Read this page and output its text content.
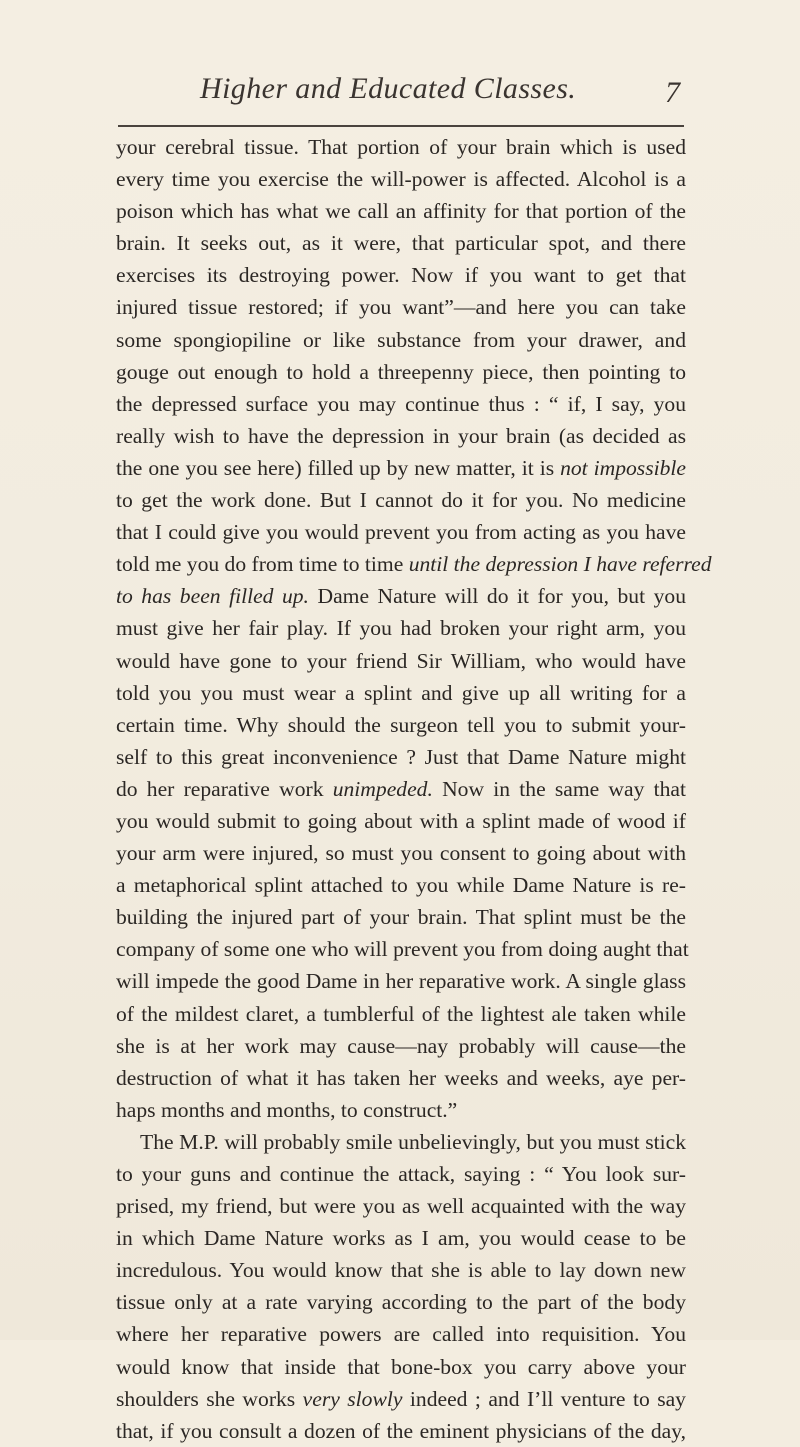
Higher and Educated Classes.	7
your cerebral tissue. That portion of your brain which is used
every time you exercise the will-power is affected. Alcohol is a
poison which has what we call an affinity for that portion of the
brain. It seeks out, as it were, that particular spot, and there
exercises its destroying power. Now if you want to get that
injured tissue restored; if you want”—and here you can take
some spongiopiline or like substance from your drawer, and
gouge out enough to hold a threepenny piece, then pointing to
the depressed surface you may continue thus : “ if, I say, you
really wish to have the depression in your brain (as decided as
the one you see here) filled up by new matter, it is not impossible
to get the work done. But I cannot do it for you. No medicine
that I could give you would prevent you from acting as you have
told me you do from time to time until the depression I have referred
to has been filled up. Dame Nature will do it for you, but you
must give her fair play. If you had broken your right arm, you
would have gone to your friend Sir William, who would have
told you you must wear a splint and give up all writing for a
certain time. Why should the surgeon tell you to submit your-
self to this great inconvenience ? Just that Dame Nature might
do her reparative work unimpeded. Now in the same way that
you would submit to going about with a splint made of wood if
your arm were injured, so must you consent to going about with
a metaphorical splint attached to you while Dame Nature is re-
building the injured part of your brain. That splint must be the
company of some one who will prevent you from doing aught that
will impede the good Dame in her reparative work. A single glass
of the mildest claret, a tumblerful of the lightest ale taken while
she is at her work may cause—nay probably will cause—the
destruction of what it has taken her weeks and weeks, aye per-
haps months and months, to construct.”
The M.P. will probably smile unbelievingly, but you must stick
to your guns and continue the attack, saying : “ You look sur-
prised, my friend, but were you as well acquainted with the way
in which Dame Nature works as I am, you would cease to be
incredulous. You would know that she is able to lay down new
tissue only at a rate varying according to the part of the body
where her reparative powers are called into requisition. You
would know that inside that bone-box you carry above your
shoulders she works very slowly indeed ; and I’ll venture to say
that, if you consult a dozen of the eminent physicians of the day,
